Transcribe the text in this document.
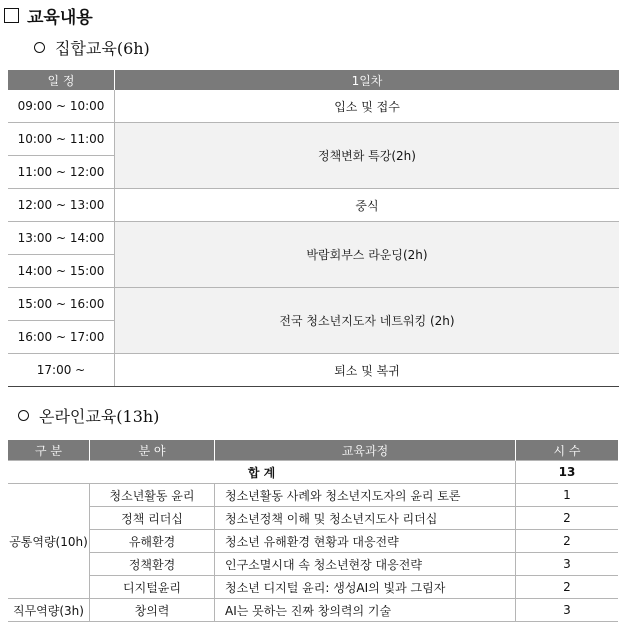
교육내용
집합교육(6h)
일 정	1일차
09:00 ~ 10:00	입소 및 접수
10:00 ~ 11:00	정책변화 특강(2h)
11:00 ~ 12:00	
12:00 ~ 13:00	중식
13:00 ~ 14:00	박람회부스 라운딩(2h)
14:00 ~ 15:00	
15:00 ~ 16:00	전국 청소년지도자 네트워킹 (2h)
16:00 ~ 17:00	
17:00 ~	퇴소 및 복귀
온라인교육(13h)
구 분	분 야	교육과정	시 수
합 계			13
공통역량(10h)	청소년활동 윤리	청소년활동 사례와 청소년지도자의 윤리 토론	1
	정책 리더십	청소년정책 이해 및 청소년지도사 리더십	2
	유해환경	청소년 유해환경 현황과 대응전략	2
	정책환경	인구소멸시대 속 청소년현장 대응전략	3
	디지털윤리	청소년 디지털 윤리: 생성AI의 빛과 그림자	2
직무역량(3h)	창의력	AI는 못하는 진짜 창의력의 기술	3
